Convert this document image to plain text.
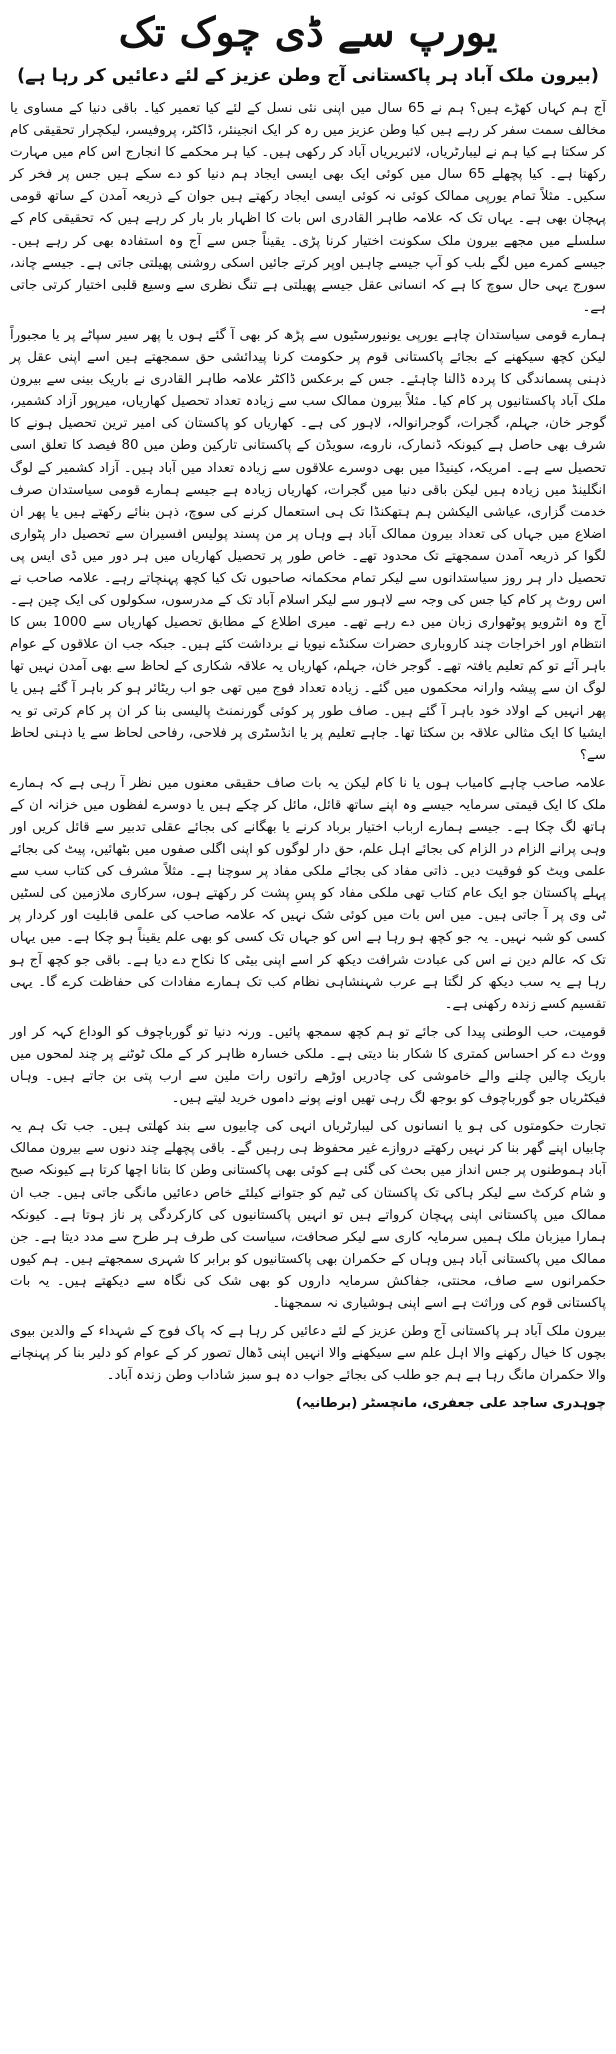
یورپ سے ڈی چوک تک
(بیرون ملک آباد ہر پاکستانی آج وطن عزیز کے لئے دعائیں کر رہا ہے)

آج ہم کہاں کھڑے ہیں؟ ہم نے 65 سال میں اپنی نئی نسل کے لئے کیا تعمیر کیا۔ باقی دنیا کے مساوی یا مخالف سمت سفر کر رہے ہیں کیا وطن عزیز میں رہ کر ایک انجینئر، ڈاکٹر، پروفیسر، لیکچرار تحقیقی کام کر سکتا ہے کیا ہم نے لیبارٹریاں، لائبریریاں آباد کر رکھی ہیں۔ کیا ہر محکمے کا انجارج اس کام میں مہارت رکھتا ہے۔ کیا پچھلے 65 سال میں کوئی ایک بھی ایسی ایجاد ہم دنیا کو دے سکے ہیں جس پر فخر کر سکیں۔ مثلاً تمام یورپی ممالک کوئی نہ کوئی ایسی ایجاد رکھتے ہیں جوان کے ذریعہ آمدن کے ساتھ قومی پہچان بھی ہے۔ یہاں تک کہ علامہ طاہر القادری اس بات کا اظہار بار بار کر رہے ہیں کہ تحقیقی کام کے سلسلے میں مجھے بیرون ملک سکونت اختیار کرنا پڑی۔ یقیناً جس سے آج وہ استفادہ بھی کر رہے ہیں۔ جیسے کمرے میں لگے بلب کو آپ جیسے چاہیں اوپر کرتے جائیں اسکی روشنی پھیلتی جاتی ہے۔ جیسے چاند، سورج یہی حال سوچ کا ہے کہ انسانی عقل جیسے پھیلتی ہے تنگ نظری سے وسیع قلبی اختیار کرتی جاتی ہے۔

ہمارے قومی سیاستدان چاہے یورپی یونیورسٹیوں سے پڑھ کر بھی آ گئے ہوں یا پھر سیر سپاٹے پر یا مجبوراً لیکن کچھ سیکھنے کے بجائے پاکستانی قوم پر حکومت کرنا پیدائشی حق سمجھتے ہیں اسے اپنی عقل پر ذہنی پسماندگی کا پردہ ڈالنا چاہئے۔ جس کے برعکس ڈاکٹر علامہ طاہر القادری نے باریک بینی سے بیرون ملک آباد پاکستانیوں پر کام کیا۔ مثلاً بیرون ممالک سب سے زیادہ تعداد تحصیل کھاریاں، میرپور آزاد کشمیر، گوجر خان، جہلم، گجرات، گوجرانوالہ، لاہور کی ہے۔ کھاریاں کو پاکستان کی امیر ترین تحصیل ہونے کا شرف بھی حاصل ہے کیونکہ ڈنمارک، ناروے، سویڈن کے پاکستانی تارکین وطن میں 80 فیصد کا تعلق اسی تحصیل سے ہے۔ امریکہ، کینیڈا میں بھی دوسرے علاقوں سے زیادہ تعداد میں آباد ہیں۔ آزاد کشمیر کے لوگ انگلینڈ میں زیادہ ہیں لیکن باقی دنیا میں گجرات، کھاریاں زیادہ ہے جیسے ہمارے قومی سیاستدان صرف خدمت گزاری، عیاشی الیکشن ہم ہتھکنڈا تک ہی استعمال کرنے کی سوچ، ذہن بنائے رکھتے ہیں یا پھر ان اضلاع میں جہاں کی تعداد بیرون ممالک آباد ہے وہاں پر من پسند پولیس افسیران سے تحصیل دار پٹواری لگوا کر ذریعہ آمدن سمجھتے تک محدود تھے۔ خاص طور پر تحصیل کھاریاں میں ہر دور میں ڈی ایس پی تحصیل دار ہر روز سیاستدانوں سے لیکر تمام محکمانہ صاحبوں تک کیا کچھ پہنچاتے رہے۔ علامہ صاحب نے اس روٹ پر کام کیا جس کی وجہ سے لاہور سے لیکر اسلام آباد تک کے مدرسوں، سکولوں کی ایک چین ہے۔ آج وہ انٹرویو پوٹھواری زبان میں دے رہے تھے۔ میری اطلاع کے مطابق تحصیل کھاریاں سے 1000 بس کا انتظام اور اخراجات چند کاروباری حضرات سکنڈے نیویا نے برداشت کئے ہیں۔ جبکہ جب ان علاقوں کے عوام باہر آئے تو کم تعلیم یافتہ تھے۔ گوجر خان، جہلم، کھاریاں یہ علاقہ شکاری کے لحاظ سے بھی آمدن نہیں تھا لوگ ان سے پیشہ وارانہ محکموں میں گئے۔ زیادہ تعداد فوج میں تھی جو اب ریٹائر ہو کر باہر آ گئے ہیں یا پھر انہیں کے اولاد خود باہر آ گئے ہیں۔ صاف طور پر کوئی گورنمنٹ پالیسی بنا کر ان پر کام کرتی تو یہ ایشیا کا ایک مثالی علاقہ بن سکتا تھا۔ جاہے تعلیم پر یا انڈسٹری پر فلاحی، رفاحی لحاظ سے یا ذہنی لحاظ سے؟

علامہ صاحب چاہے کامیاب ہوں یا نا کام لیکن یہ بات صاف حقیقی معنوں میں نظر آ رہی ہے کہ ہمارے ملک کا ایک قیمتی سرمایہ جیسے وہ اپنے ساتھ قائل، مائل کر چکے ہیں یا دوسرے لفظوں میں خزانہ ان کے ہاتھ لگ چکا ہے۔ جیسے ہمارے ارباب اختیار برباد کرنے یا بھگانے کی بجائے عقلی تدبیر سے قائل کریں اور وہی پرانے الزام در الزام کی بجائے اہل علم، حق دار لوگوں کو اپنی اگلی صفوں میں بٹھائیں، پیٹ کی بجائے علمی ویٹ کو فوقیت دیں۔ ذاتی مفاد کی بجائے ملکی مفاد پر سوچنا ہے۔ مثلاً مشرف کی کتاب سب سے پہلے پاکستان جو ایک عام کتاب تھی ملکی مفاد کو پسِ پشت کر رکھتے ہوں، سرکاری ملازمین کی لسٹیں ٹی وی پر آ جاتی ہیں۔ میں اس بات میں کوئی شک نہیں کہ علامہ صاحب کی علمی قابلیت اور کردار پر کسی کو شبہ نہیں۔ یہ جو کچھ ہو رہا ہے اس کو جہاں تک کسی کو بھی علم یقیناً ہو چکا ہے۔ میں یہاں تک کہ عالم دین نے اس کی عبادت شرافت دیکھ کر اسے اپنی بیٹی کا نکاح دے دیا ہے۔ باقی جو کچھ آج ہو رہا ہے یہ سب دیکھ کر لگتا ہے عرب شہنشاہی نظام کب تک ہمارے مفادات کی حفاظت کرے گا۔ یہی تقسیم کسے زندہ رکھنی ہے۔

قومیت، حب الوطنی پیدا کی جائے تو ہم کچھ سمجھ پائیں۔ ورنہ دنیا تو گورباچوف کو الوداع کہہ کر اور ووٹ دے کر احساس کمتری کا شکار بنا دیتی ہے۔ ملکی خسارہ ظاہر کر کے ملک ٹوٹنے پر چند لمحوں میں باریک چالیں چلنے والے خاموشی کی چادریں اوڑھے راتوں رات ملین سے ارب پتی بن جاتے ہیں۔ وہاں فیکٹریاں جو گورباچوف کو بوجھ لگ رہی تھیں اونے پونے داموں خرید لیتے ہیں۔

تجارت حکومتوں کی ہو یا انسانوں کی لیبارٹریاں انہی کی چابیوں سے بند کھلتی ہیں۔ جب تک ہم یہ چابیاں اپنے گھر بنا کر نہیں رکھتے دروازے غیر محفوظ ہی رہیں گے۔ باقی پچھلے چند دنوں سے بیرون ممالک آباد ہموطنوں پر جس انداز میں بحث کی گئی ہے کوئی بھی پاکستانی وطن کا بتانا اچھا کرتا ہے کیونکہ صبح و شام کرکٹ سے لیکر ہاکی تک پاکستان کی ٹیم کو جتوانے کیلئے خاص دعائیں مانگی جاتی ہیں۔ جب ان ممالک میں پاکستانی اپنی پہچان کرواتے ہیں تو انہیں پاکستانیوں کی کارکردگی پر ناز ہوتا ہے۔ کیونکہ ہمارا میزبان ملک ہمیں سرمایہ کاری سے لیکر صحافت، سیاست کی طرف ہر طرح سے مدد دیتا ہے۔ جن ممالک میں پاکستانی آباد ہیں وہاں کے حکمران بھی پاکستانیوں کو برابر کا شہری سمجھتے ہیں۔ ہم کیوں حکمرانوں سے صاف، محنتی، جفاکش سرمایہ داروں کو بھی شک کی نگاہ سے دیکھتے ہیں۔ یہ بات پاکستانی قوم کی وراثت ہے اسے اپنی ہوشیاری نہ سمجھنا۔

بیرون ملک آباد ہر پاکستانی آج وطن عزیز کے لئے دعائیں کر رہا ہے کہ پاک فوج کے شہداء کے والدین بیوی بچوں کا خیال رکھنے والا اہل علم سے سیکھنے والا انہیں اپنی ڈھال تصور کر کے عوام کو دلیر بنا کر پہنچانے والا حکمران مانگ رہا ہے ہم جو طلب کی بجائے جواب دہ ہو سبز شاداب وطن زندہ آباد۔

چوہدری ساجد علی جعفری، مانچسٹر (برطانیہ)
